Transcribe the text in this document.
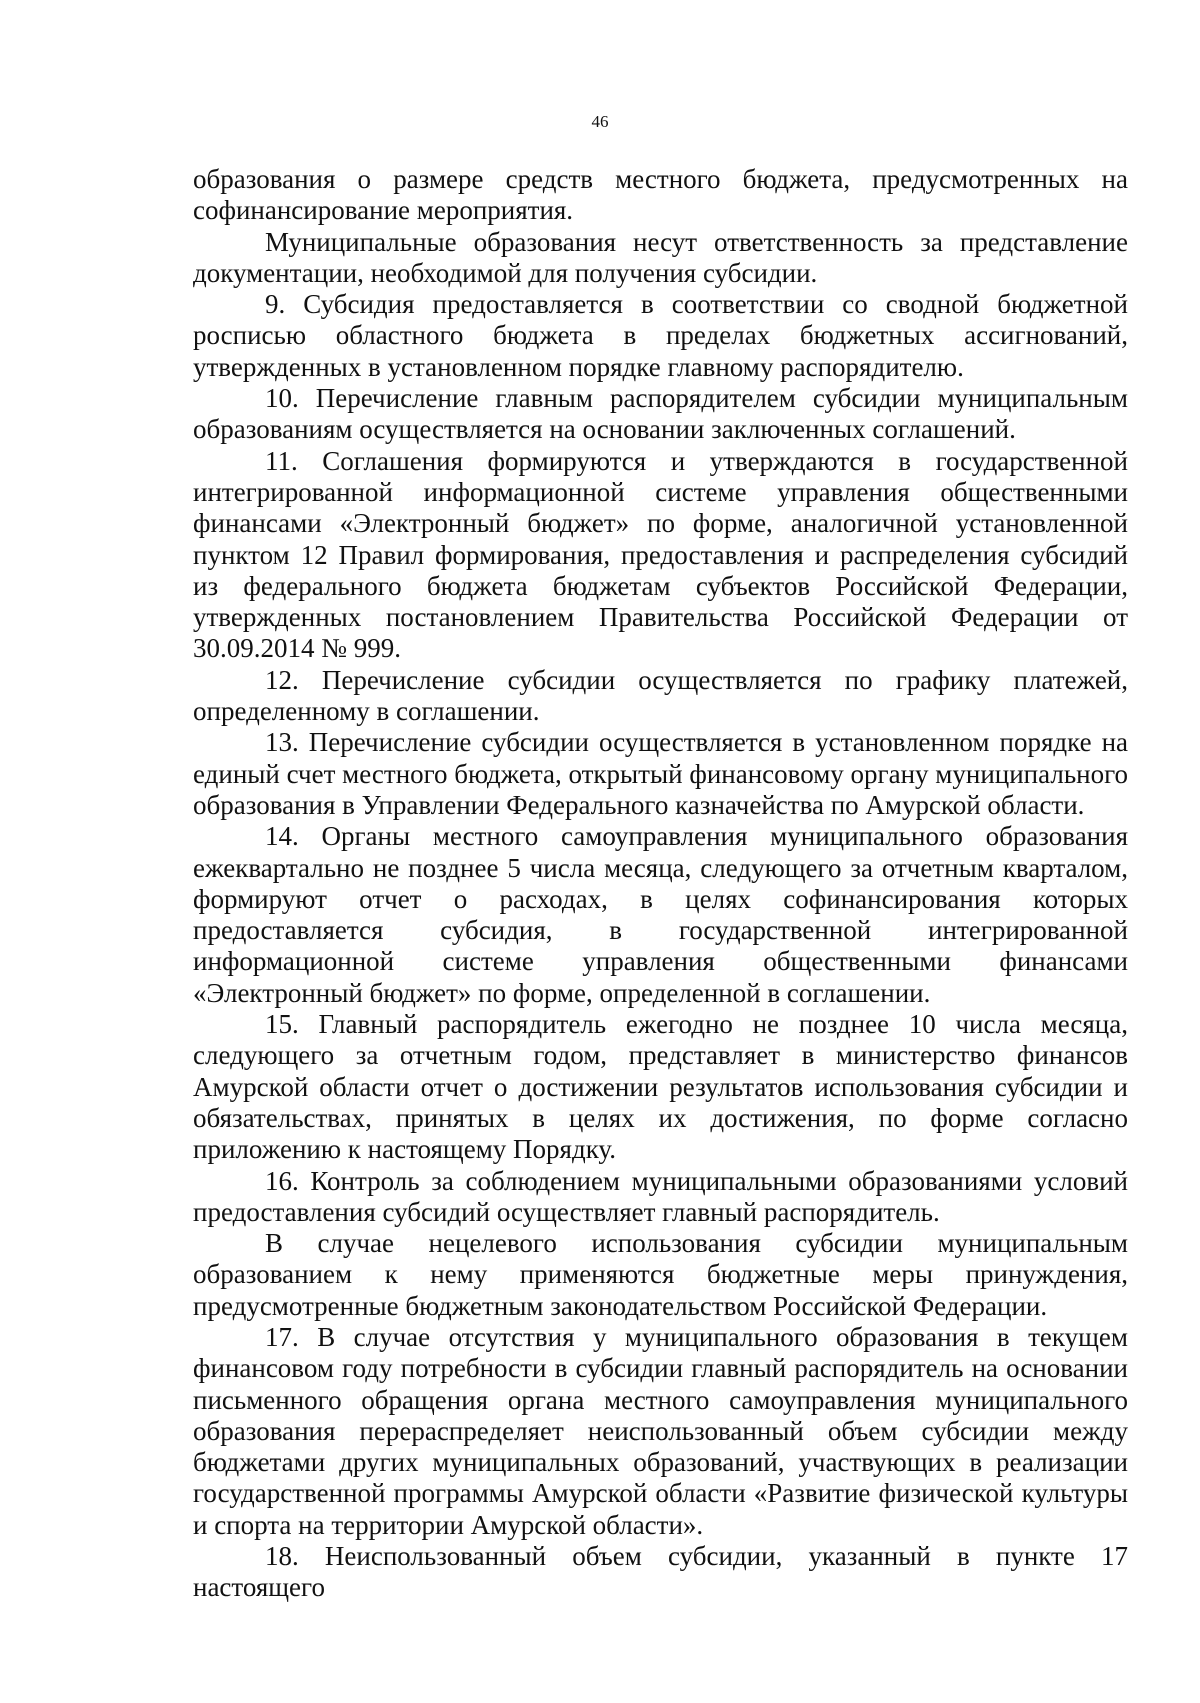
46

образования о размере средств местного бюджета, предусмотренных на софинансирование мероприятия.

Муниципальные образования несут ответственность за представление документации, необходимой для получения субсидии.

9. Субсидия предоставляется в соответствии со сводной бюджетной росписью областного бюджета в пределах бюджетных ассигнований, утвержденных в установленном порядке главному распорядителю.

10. Перечисление главным распорядителем субсидии муниципальным образованиям осуществляется на основании заключенных соглашений.

11. Соглашения формируются и утверждаются в государственной интегрированной информационной системе управления общественными финансами «Электронный бюджет» по форме, аналогичной установленной пунктом 12 Правил формирования, предоставления и распределения субсидий из федерального бюджета бюджетам субъектов Российской Федерации, утвержденных постановлением Правительства Российской Федерации от 30.09.2014 № 999.

12. Перечисление субсидии осуществляется по графику платежей, определенному в соглашении.

13. Перечисление субсидии осуществляется в установленном порядке на единый счет местного бюджета, открытый финансовому органу муниципального образования в Управлении Федерального казначейства по Амурской области.

14. Органы местного самоуправления муниципального образования ежеквартально не позднее 5 числа месяца, следующего за отчетным кварталом, формируют отчет о расходах, в целях софинансирования которых предоставляется субсидия, в государственной интегрированной информационной системе управления общественными финансами «Электронный бюджет» по форме, определенной в соглашении.

15. Главный распорядитель ежегодно не позднее 10 числа месяца, следующего за отчетным годом, представляет в министерство финансов Амурской области отчет о достижении результатов использования субсидии и обязательствах, принятых в целях их достижения, по форме согласно приложению к настоящему Порядку.

16. Контроль за соблюдением муниципальными образованиями условий предоставления субсидий осуществляет главный распорядитель.

В случае нецелевого использования субсидии муниципальным образованием к нему применяются бюджетные меры принуждения, предусмотренные бюджетным законодательством Российской Федерации.

17. В случае отсутствия у муниципального образования в текущем финансовом году потребности в субсидии главный распорядитель на основании письменного обращения органа местного самоуправления муниципального образования перераспределяет неиспользованный объем субсидии между бюджетами других муниципальных образований, участвующих в реализации государственной программы Амурской области «Развитие физической культуры и спорта на территории Амурской области».

18. Неиспользованный объем субсидии, указанный в пункте 17 настоящего
